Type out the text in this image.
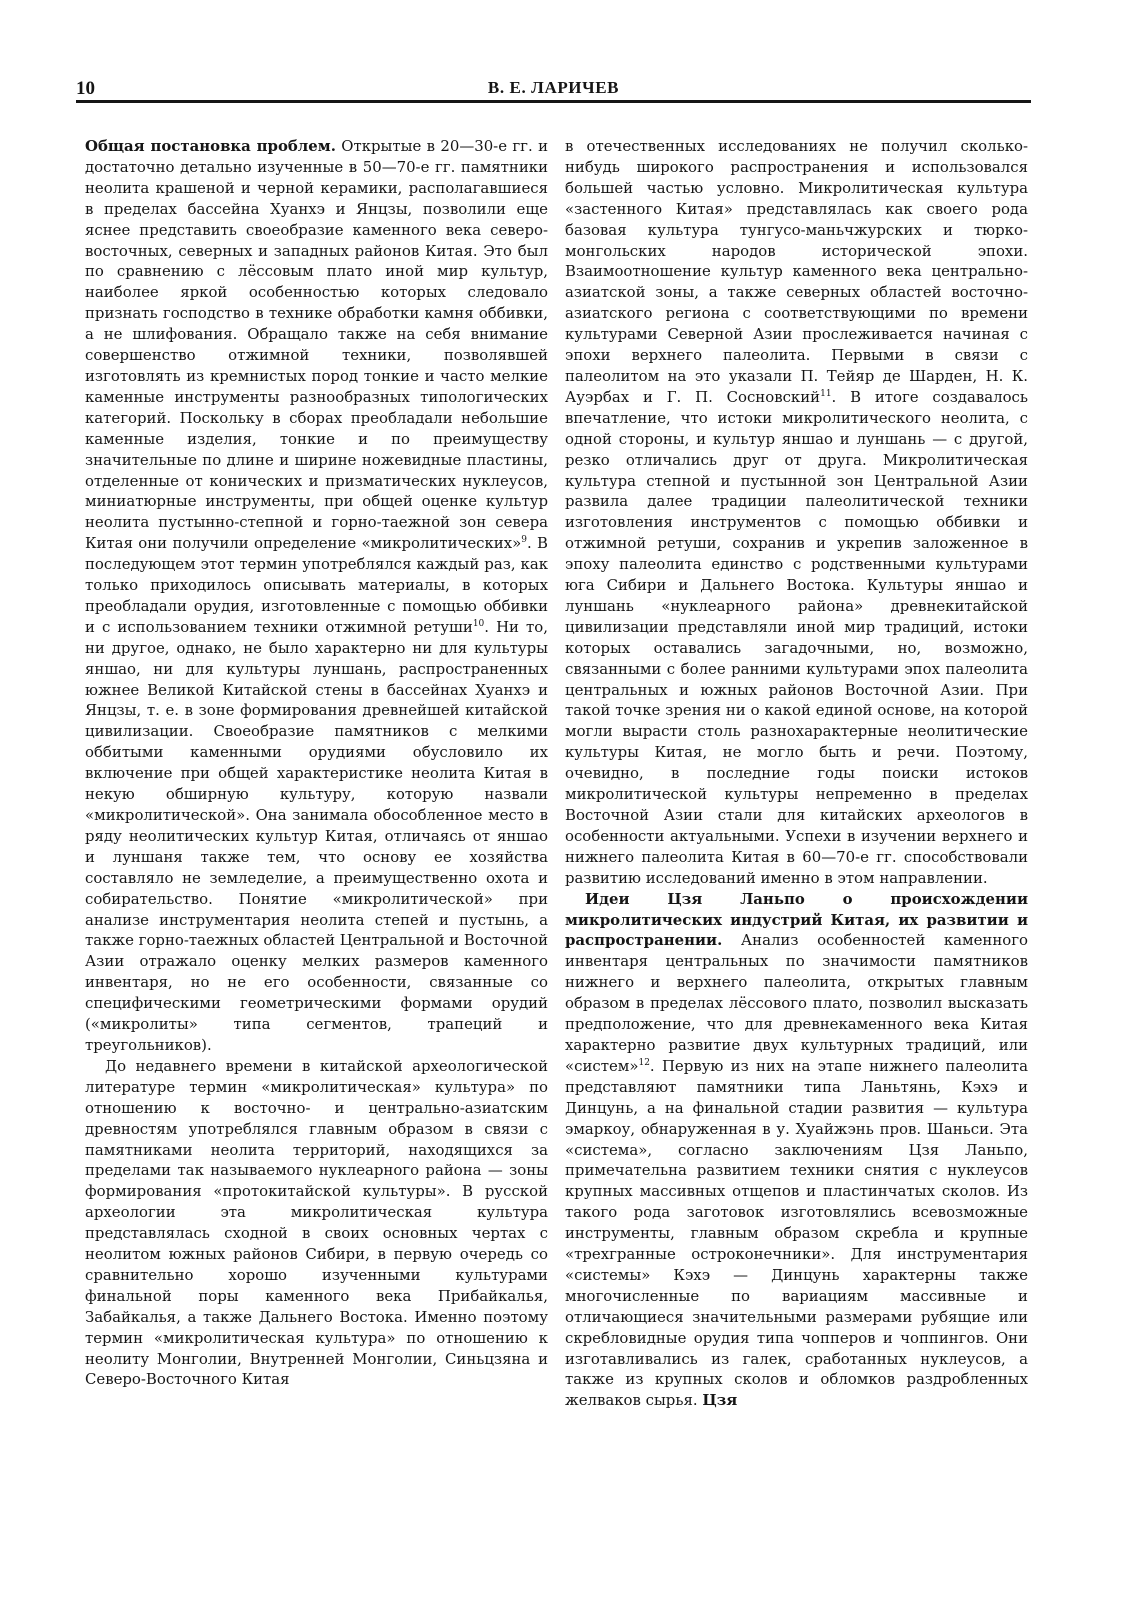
10	В. Е. ЛАРИЧЕВ

Общая постановка проблем. Открытые в 20—30-е гг. и достаточно детально изученные в 50—70-е гг. памятники неолита крашеной и черной керамики, располагавшиеся в пределах бассейна Хуанхэ и Янцзы, позволили еще яснее представить своеобразие каменного века северо-восточных, северных и западных районов Китая. Это был по сравнению с лёссовым плато иной мир культур, наиболее яркой особенностью которых следовало признать господство в технике обработки камня оббивки, а не шлифования. Обращало также на себя внимание совершенство отжимной техники, позволявшей изготовлять из кремнистых пород тонкие и часто мелкие каменные инструменты разнообразных типологических категорий. Поскольку в сборах преобладали небольшие каменные изделия, тонкие и по преимуществу значительные по длине и ширине ножевидные пластины, отделенные от конических и призматических нуклеусов, миниатюрные инструменты, при общей оценке культур неолита пустынно-степной и горно-таежной зон севера Китая они получили определение «микролитических»$^9$. В последующем этот термин употреблялся каждый раз, как только приходилось описывать материалы, в которых преобладали орудия, изготовленные с помощью оббивки и с использованием техники отжимной ретуши$^{10}$. Ни то, ни другое, однако, не было характерно ни для культуры яншао, ни для культуры луншань, распространенных южнее Великой Китайской стены в бассейнах Хуанхэ и Янцзы, т. е. в зоне формирования древнейшей китайской цивилизации. Своеобразие памятников с мелкими оббитыми каменными орудиями обусловило их включение при общей характеристике неолита Китая в некую обширную культуру, которую назвали «микролитической». Она занимала обособленное место в ряду неолитических культур Китая, отличаясь от яншао и луншаня также тем, что основу ее хозяйства составляло не земледелие, а преимущественно охота и собирательство. Понятие «микролитической» при анализе инструментария неолита степей и пустынь, а также горно-таежных областей Центральной и Восточной Азии отражало оценку мелких размеров каменного инвентаря, но не его особенности, связанные со специфическими геометрическими формами орудий («микролиты» типа сегментов, трапеций и треугольников).

До недавнего времени в китайской археологической литературе термин «микролитическая» культура» по отношению к восточно- и центрально-азиатским древностям употреблялся главным образом в связи с памятниками неолита территорий, находящихся за пределами так называемого нуклеарного района — зоны формирования «протокитайской культуры». В русской археологии эта микролитическая культура представлялась сходной в своих основных чертах с неолитом южных районов Сибири, в первую очередь со сравнительно хорошо изученными культурами финальной поры каменного века Прибайкалья, Забайкалья, а также Дальнего Востока. Именно поэтому термин «микролитическая культура» по отношению к неолиту Монголии, Внутренней Монголии, Синьцзяна и Северо-Восточного Китая

в отечественных исследованиях не получил сколько-нибудь широкого распространения и использовался большей частью условно. Микролитическая культура «застенного Китая» представлялась как своего рода базовая культура тунгусо-маньчжурских и тюрко-монгольских народов исторической эпохи. Взаимоотношение культур каменного века центрально-азиатской зоны, а также северных областей восточно-азиатского региона с соответствующими по времени культурами Северной Азии прослеживается начиная с эпохи верхнего палеолита. Первыми в связи с палеолитом на это указали П. Тейяр де Шарден, Н. К. Ауэрбах и Г. П. Сосновский$^{11}$. В итоге создавалось впечатление, что истоки микролитического неолита, с одной стороны, и культур яншао и луншань — с другой, резко отличались друг от друга. Микролитическая культура степной и пустынной зон Центральной Азии развила далее традиции палеолитической техники изготовления инструментов с помощью оббивки и отжимной ретуши, сохранив и укрепив заложенное в эпоху палеолита единство с родственными культурами юга Сибири и Дальнего Востока. Культуры яншао и луншань «нуклеарного района» древнекитайской цивилизации представляли иной мир традиций, истоки которых оставались загадочными, но, возможно, связанными с более ранними культурами эпох палеолита центральных и южных районов Восточной Азии. При такой точке зрения ни о какой единой основе, на которой могли вырасти столь разнохарактерные неолитические культуры Китая, не могло быть и речи. Поэтому, очевидно, в последние годы поиски истоков микролитической культуры непременно в пределах Восточной Азии стали для китайских археологов в особенности актуальными. Успехи в изучении верхнего и нижнего палеолита Китая в 60—70-е гг. способствовали развитию исследований именно в этом направлении.

Идеи Цзя Ланьпо о происхождении микролитических индустрий Китая, их развитии и распространении. Анализ особенностей каменного инвентаря центральных по значимости памятников нижнего и верхнего палеолита, открытых главным образом в пределах лёссового плато, позволил высказать предположение, что для древнекаменного века Китая характерно развитие двух культурных традиций, или «систем»$^{12}$. Первую из них на этапе нижнего палеолита представляют памятники типа Ланьтянь, Кэхэ и Динцунь, а на финальной стадии развития — культура эмаркоу, обнаруженная в у. Хуайжэнь пров. Шаньси. Эта «система», согласно заключениям Цзя Ланьпо, примечательна развитием техники снятия с нуклеусов крупных массивных отщепов и пластинчатых сколов. Из такого рода заготовок изготовлялись всевозможные инструменты, главным образом скребла и крупные «трехгранные остроконечники». Для инструментария «системы» Кэхэ — Динцунь характерны также многочисленные по вариациям массивные и отличающиеся значительными размерами рубящие или скребловидные орудия типа чопперов и чоппингов. Они изготавливались из галек, сработанных нуклеусов, а также из крупных сколов и обломков раздробленных желваков сырья. Цзя
